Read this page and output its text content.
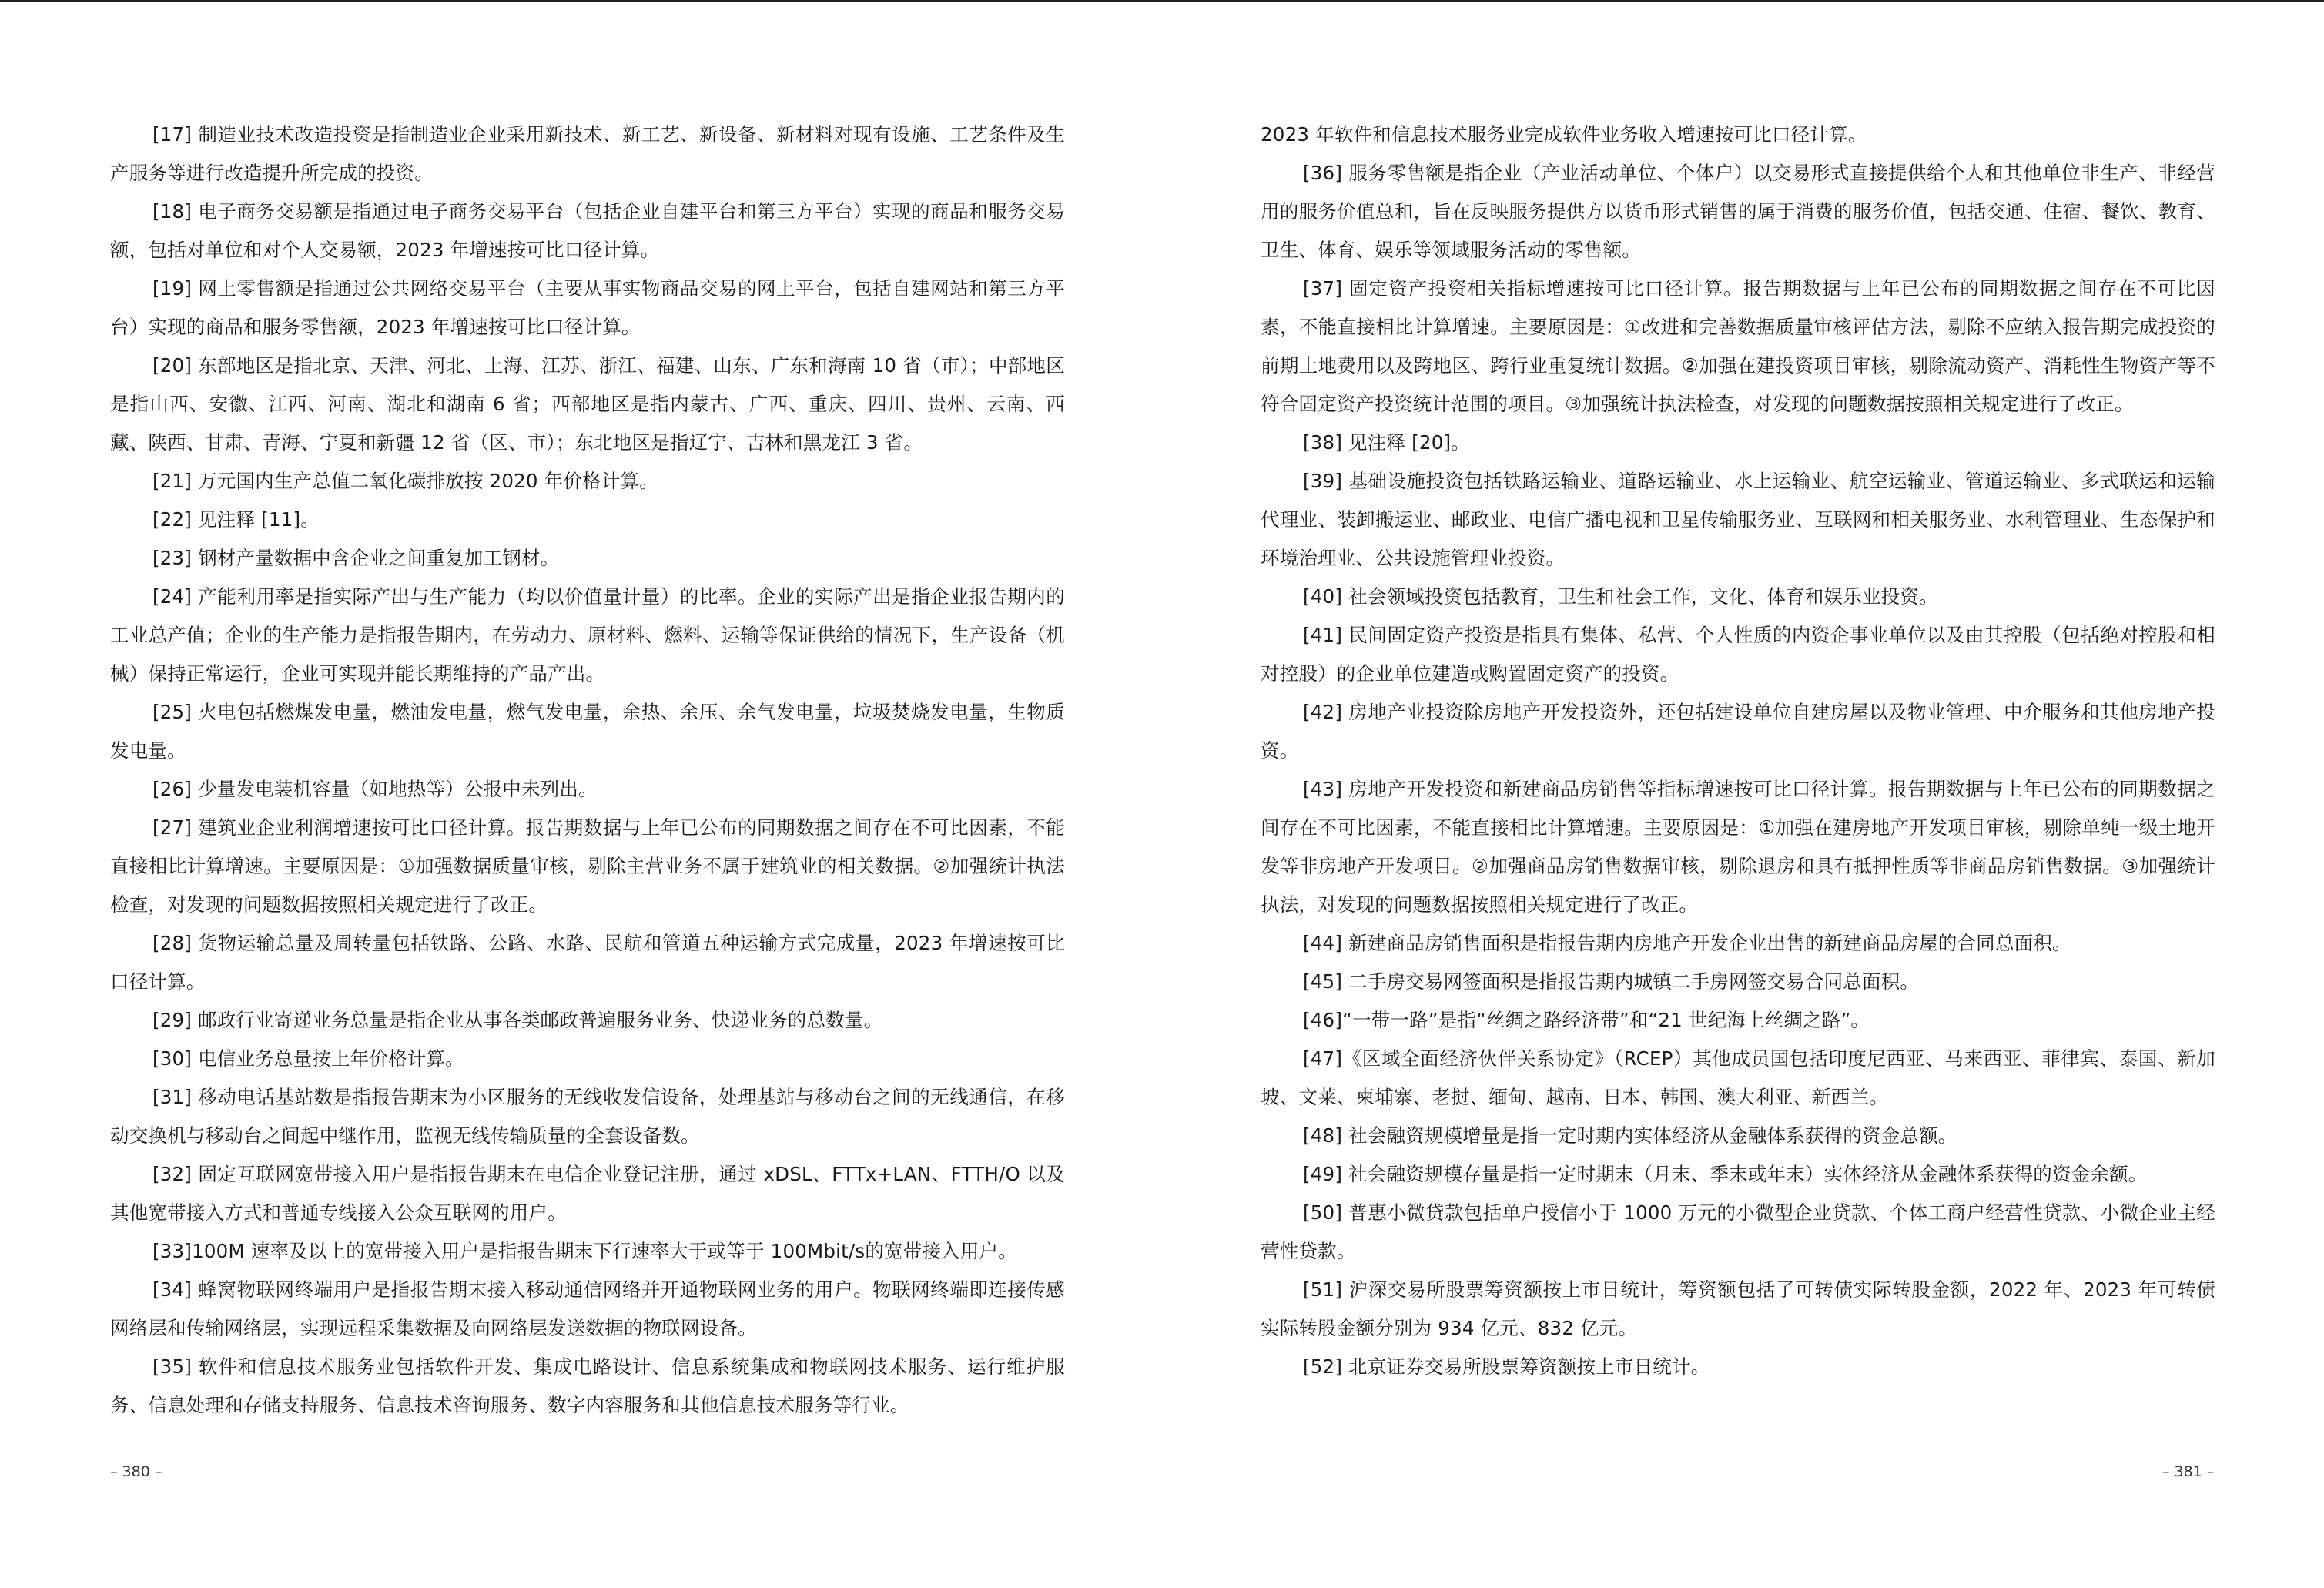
[17] 制造业技术改造投资是指制造业企业采用新技术、新工艺、新设备、新材料对现有设施、工艺条件及生产服务等进行改造提升所完成的投资。

[18] 电子商务交易额是指通过电子商务交易平台（包括企业自建平台和第三方平台）实现的商品和服务交易额，包括对单位和对个人交易额，2023 年增速按可比口径计算。

[19] 网上零售额是指通过公共网络交易平台（主要从事实物商品交易的网上平台，包括自建网站和第三方平台）实现的商品和服务零售额，2023 年增速按可比口径计算。

[20] 东部地区是指北京、天津、河北、上海、江苏、浙江、福建、山东、广东和海南 10 省（市）；中部地区是指山西、安徽、江西、河南、湖北和湖南 6 省；西部地区是指内蒙古、广西、重庆、四川、贵州、云南、西藏、陕西、甘肃、青海、宁夏和新疆 12 省（区、市）；东北地区是指辽宁、吉林和黑龙江 3 省。

[21] 万元国内生产总值二氧化碳排放按 2020 年价格计算。

[22] 见注释 [11]。

[23] 钢材产量数据中含企业之间重复加工钢材。

[24] 产能利用率是指实际产出与生产能力（均以价值量计量）的比率。企业的实际产出是指企业报告期内的工业总产值；企业的生产能力是指报告期内，在劳动力、原材料、燃料、运输等保证供给的情况下，生产设备（机械）保持正常运行，企业可实现并能长期维持的产品产出。

[25] 火电包括燃煤发电量，燃油发电量，燃气发电量，余热、余压、余气发电量，垃圾焚烧发电量，生物质发电量。

[26] 少量发电装机容量（如地热等）公报中未列出。

[27] 建筑业企业利润增速按可比口径计算。报告期数据与上年已公布的同期数据之间存在不可比因素，不能直接相比计算增速。主要原因是：①加强数据质量审核，剔除主营业务不属于建筑业的相关数据。②加强统计执法检查，对发现的问题数据按照相关规定进行了改正。

[28] 货物运输总量及周转量包括铁路、公路、水路、民航和管道五种运输方式完成量，2023 年增速按可比口径计算。

[29] 邮政行业寄递业务总量是指企业从事各类邮政普遍服务业务、快递业务的总数量。

[30] 电信业务总量按上年价格计算。

[31] 移动电话基站数是指报告期末为小区服务的无线收发信设备，处理基站与移动台之间的无线通信，在移动交换机与移动台之间起中继作用，监视无线传输质量的全套设备数。

[32] 固定互联网宽带接入用户是指报告期末在电信企业登记注册，通过 xDSL、FTTx+LAN、FTTH/O 以及其他宽带接入方式和普通专线接入公众互联网的用户。

[33]100M 速率及以上的宽带接入用户是指报告期末下行速率大于或等于 100Mbit/s的宽带接入用户。

[34] 蜂窝物联网终端用户是指报告期末接入移动通信网络并开通物联网业务的用户。物联网终端即连接传感网络层和传输网络层，实现远程采集数据及向网络层发送数据的物联网设备。

[35] 软件和信息技术服务业包括软件开发、集成电路设计、信息系统集成和物联网技术服务、运行维护服务、信息处理和存储支持服务、信息技术咨询服务、数字内容服务和其他信息技术服务等行业。

2023 年软件和信息技术服务业完成软件业务收入增速按可比口径计算。

[36] 服务零售额是指企业（产业活动单位、个体户）以交易形式直接提供给个人和其他单位非生产、非经营用的服务价值总和，旨在反映服务提供方以货币形式销售的属于消费的服务价值，包括交通、住宿、餐饮、教育、卫生、体育、娱乐等领域服务活动的零售额。

[37] 固定资产投资相关指标增速按可比口径计算。报告期数据与上年已公布的同期数据之间存在不可比因素，不能直接相比计算增速。主要原因是：①改进和完善数据质量审核评估方法，剔除不应纳入报告期完成投资的前期土地费用以及跨地区、跨行业重复统计数据。②加强在建投资项目审核，剔除流动资产、消耗性生物资产等不符合固定资产投资统计范围的项目。③加强统计执法检查，对发现的问题数据按照相关规定进行了改正。

[38] 见注释 [20]。

[39] 基础设施投资包括铁路运输业、道路运输业、水上运输业、航空运输业、管道运输业、多式联运和运输代理业、装卸搬运业、邮政业、电信广播电视和卫星传输服务业、互联网和相关服务业、水利管理业、生态保护和环境治理业、公共设施管理业投资。

[40] 社会领域投资包括教育，卫生和社会工作，文化、体育和娱乐业投资。

[41] 民间固定资产投资是指具有集体、私营、个人性质的内资企事业单位以及由其控股（包括绝对控股和相对控股）的企业单位建造或购置固定资产的投资。

[42] 房地产业投资除房地产开发投资外，还包括建设单位自建房屋以及物业管理、中介服务和其他房地产投资。

[43] 房地产开发投资和新建商品房销售等指标增速按可比口径计算。报告期数据与上年已公布的同期数据之间存在不可比因素，不能直接相比计算增速。主要原因是：①加强在建房地产开发项目审核，剔除单纯一级土地开发等非房地产开发项目。②加强商品房销售数据审核，剔除退房和具有抵押性质等非商品房销售数据。③加强统计执法，对发现的问题数据按照相关规定进行了改正。

[44] 新建商品房销售面积是指报告期内房地产开发企业出售的新建商品房屋的合同总面积。

[45] 二手房交易网签面积是指报告期内城镇二手房网签交易合同总面积。

[46]“一带一路”是指“丝绸之路经济带”和“21 世纪海上丝绸之路”。

[47]《区域全面经济伙伴关系协定》（RCEP）其他成员国包括印度尼西亚、马来西亚、菲律宾、泰国、新加坡、文莱、柬埔寨、老挝、缅甸、越南、日本、韩国、澳大利亚、新西兰。

[48] 社会融资规模增量是指一定时期内实体经济从金融体系获得的资金总额。

[49] 社会融资规模存量是指一定时期末（月末、季末或年末）实体经济从金融体系获得的资金余额。

[50] 普惠小微贷款包括单户授信小于 1000 万元的小微型企业贷款、个体工商户经营性贷款、小微企业主经营性贷款。

[51] 沪深交易所股票筹资额按上市日统计，筹资额包括了可转债实际转股金额，2022 年、2023 年可转债实际转股金额分别为 934 亿元、832 亿元。

[52] 北京证券交易所股票筹资额按上市日统计。

– 380 –	– 381 –
